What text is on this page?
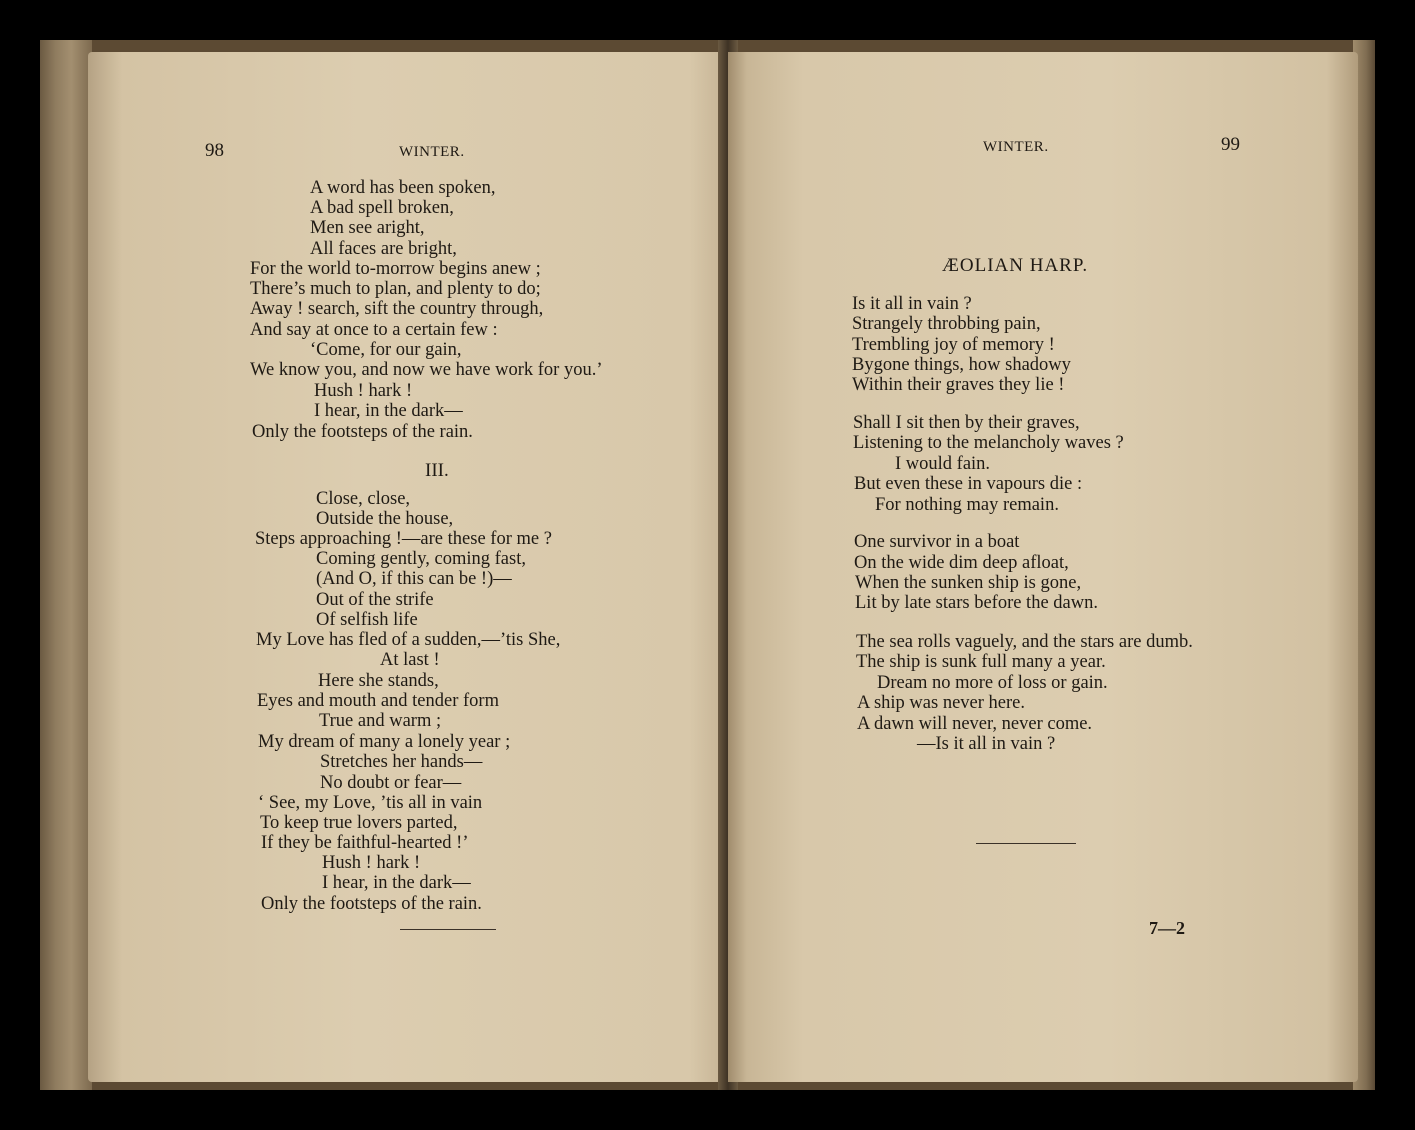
98	WINTER.
A word has been spoken,
A bad spell broken,
Men see aright,
All faces are bright,
For the world to-morrow begins anew ;
There’s much to plan, and plenty to do;
Away ! search, sift the country through,
And say at once to a certain few :
‘Come, for our gain,
We know you, and now we have work for you.’
Hush ! hark !
I hear, in the dark—
Only the footsteps of the rain.
III.
Close, close,
Outside the house,
Steps approaching !—are these for me ?
Coming gently, coming fast,
(And O, if this can be !)—
Out of the strife
Of selfish life
My Love has fled of a sudden,—’tis She,
At last !
Here she stands,
Eyes and mouth and tender form
True and warm ;
My dream of many a lonely year ;
Stretches her hands—
No doubt or fear—
‘ See, my Love, ’tis all in vain
To keep true lovers parted,
If they be faithful-hearted !’
Hush ! hark !
I hear, in the dark—
Only the footsteps of the rain.
WINTER.	99
ÆOLIAN HARP.
Is it all in vain ?
Strangely throbbing pain,
Trembling joy of memory !
Bygone things, how shadowy
Within their graves they lie !
Shall I sit then by their graves,
Listening to the melancholy waves ?
I would fain.
But even these in vapours die :
For nothing may remain.
One survivor in a boat
On the wide dim deep afloat,
When the sunken ship is gone,
Lit by late stars before the dawn.
The sea rolls vaguely, and the stars are dumb.
The ship is sunk full many a year.
Dream no more of loss or gain.
A ship was never here.
A dawn will never, never come.
—Is it all in vain ?
7—2
